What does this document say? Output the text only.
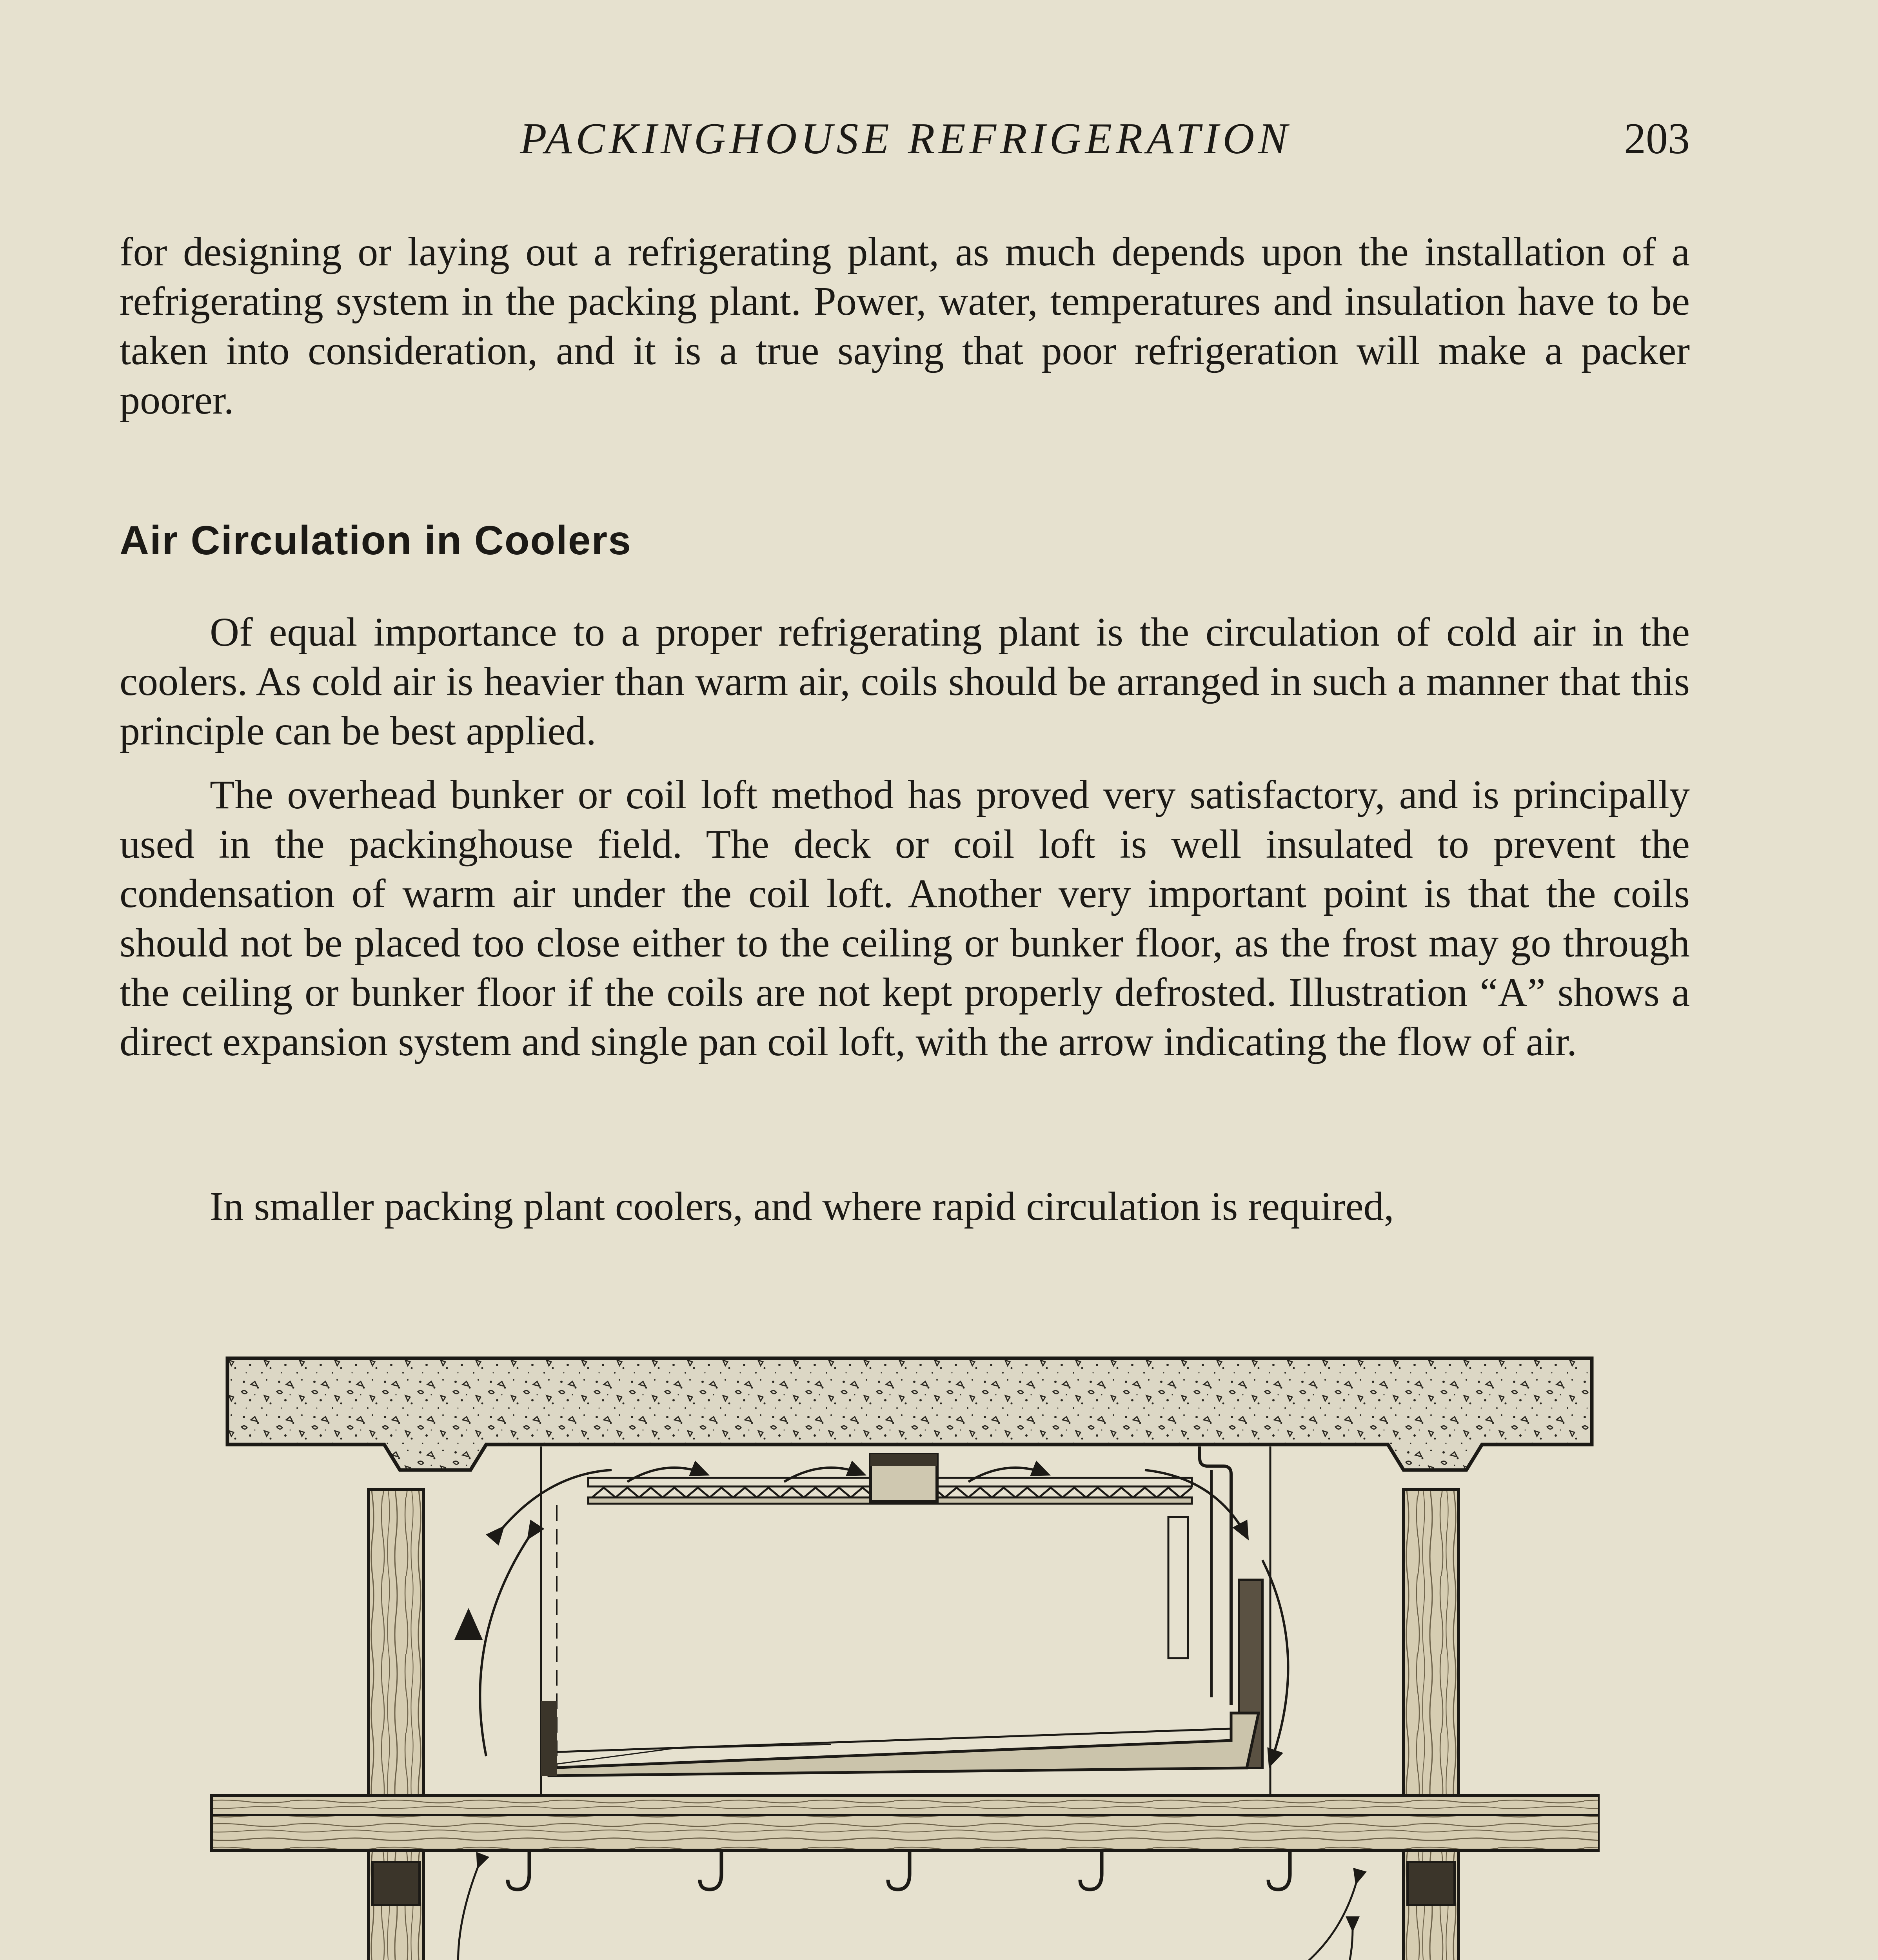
PACKINGHOUSE REFRIGERATION	203

for designing or laying out a refrigerating plant, as much depends upon the installation of a refrigerating system in the packing plant. Power, water, temperatures and insulation have to be taken into consideration, and it is a true saying that poor refrigeration will make a packer poorer.

Air Circulation in Coolers

Of equal importance to a proper refrigerating plant is the circulation of cold air in the coolers. As cold air is heavier than warm air, coils should be arranged in such a manner that this principle can be best applied.

The overhead bunker or coil loft method has proved very satisfactory, and is principally used in the packinghouse field. The deck or coil loft is well insulated to prevent the condensation of warm air under the coil loft. Another very important point is that the coils should not be placed too close either to the ceiling or bunker floor, as the frost may go through the ceiling or bunker floor if the coils are not kept properly defrosted. Illustration “A” shows a direct expansion system and single pan coil loft, with the arrow indicating the flow of air.

In smaller packing plant coolers, and where rapid circulation is required,
